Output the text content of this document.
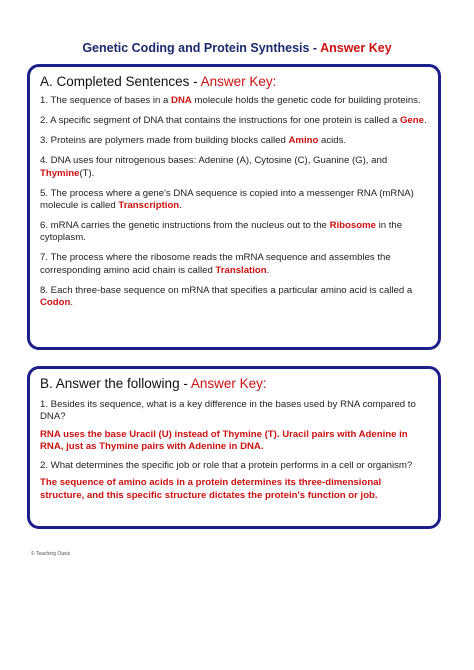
Genetic Coding and Protein Synthesis - Answer Key
A. Completed Sentences - Answer Key:
1. The sequence of bases in a DNA molecule holds the genetic code for building proteins.
2. A specific segment of DNA that contains the instructions for one protein is called a Gene.
3. Proteins are polymers made from building blocks called Amino acids.
4. DNA uses four nitrogenous bases: Adenine (A), Cytosine (C), Guanine (G), and Thymine(T).
5. The process where a gene's DNA sequence is copied into a messenger RNA (mRNA) molecule is called Transcription.
6. mRNA carries the genetic instructions from the nucleus out to the Ribosome in the cytoplasm.
7. The process where the ribosome reads the mRNA sequence and assembles the corresponding amino acid chain is called Translation.
8. Each three-base sequence on mRNA that specifies a particular amino acid is called a Codon.
B. Answer the following - Answer Key:
1. Besides its sequence, what is a key difference in the bases used by RNA compared to DNA?
RNA uses the base Uracil (U) instead of Thymine (T). Uracil pairs with Adenine in RNA, just as Thymine pairs with Adenine in DNA.
2. What determines the specific job or role that a protein performs in a cell or organism?
The sequence of amino acids in a protein determines its three-dimensional structure, and this specific structure dictates the protein's function or job.
© Teaching Oasis
